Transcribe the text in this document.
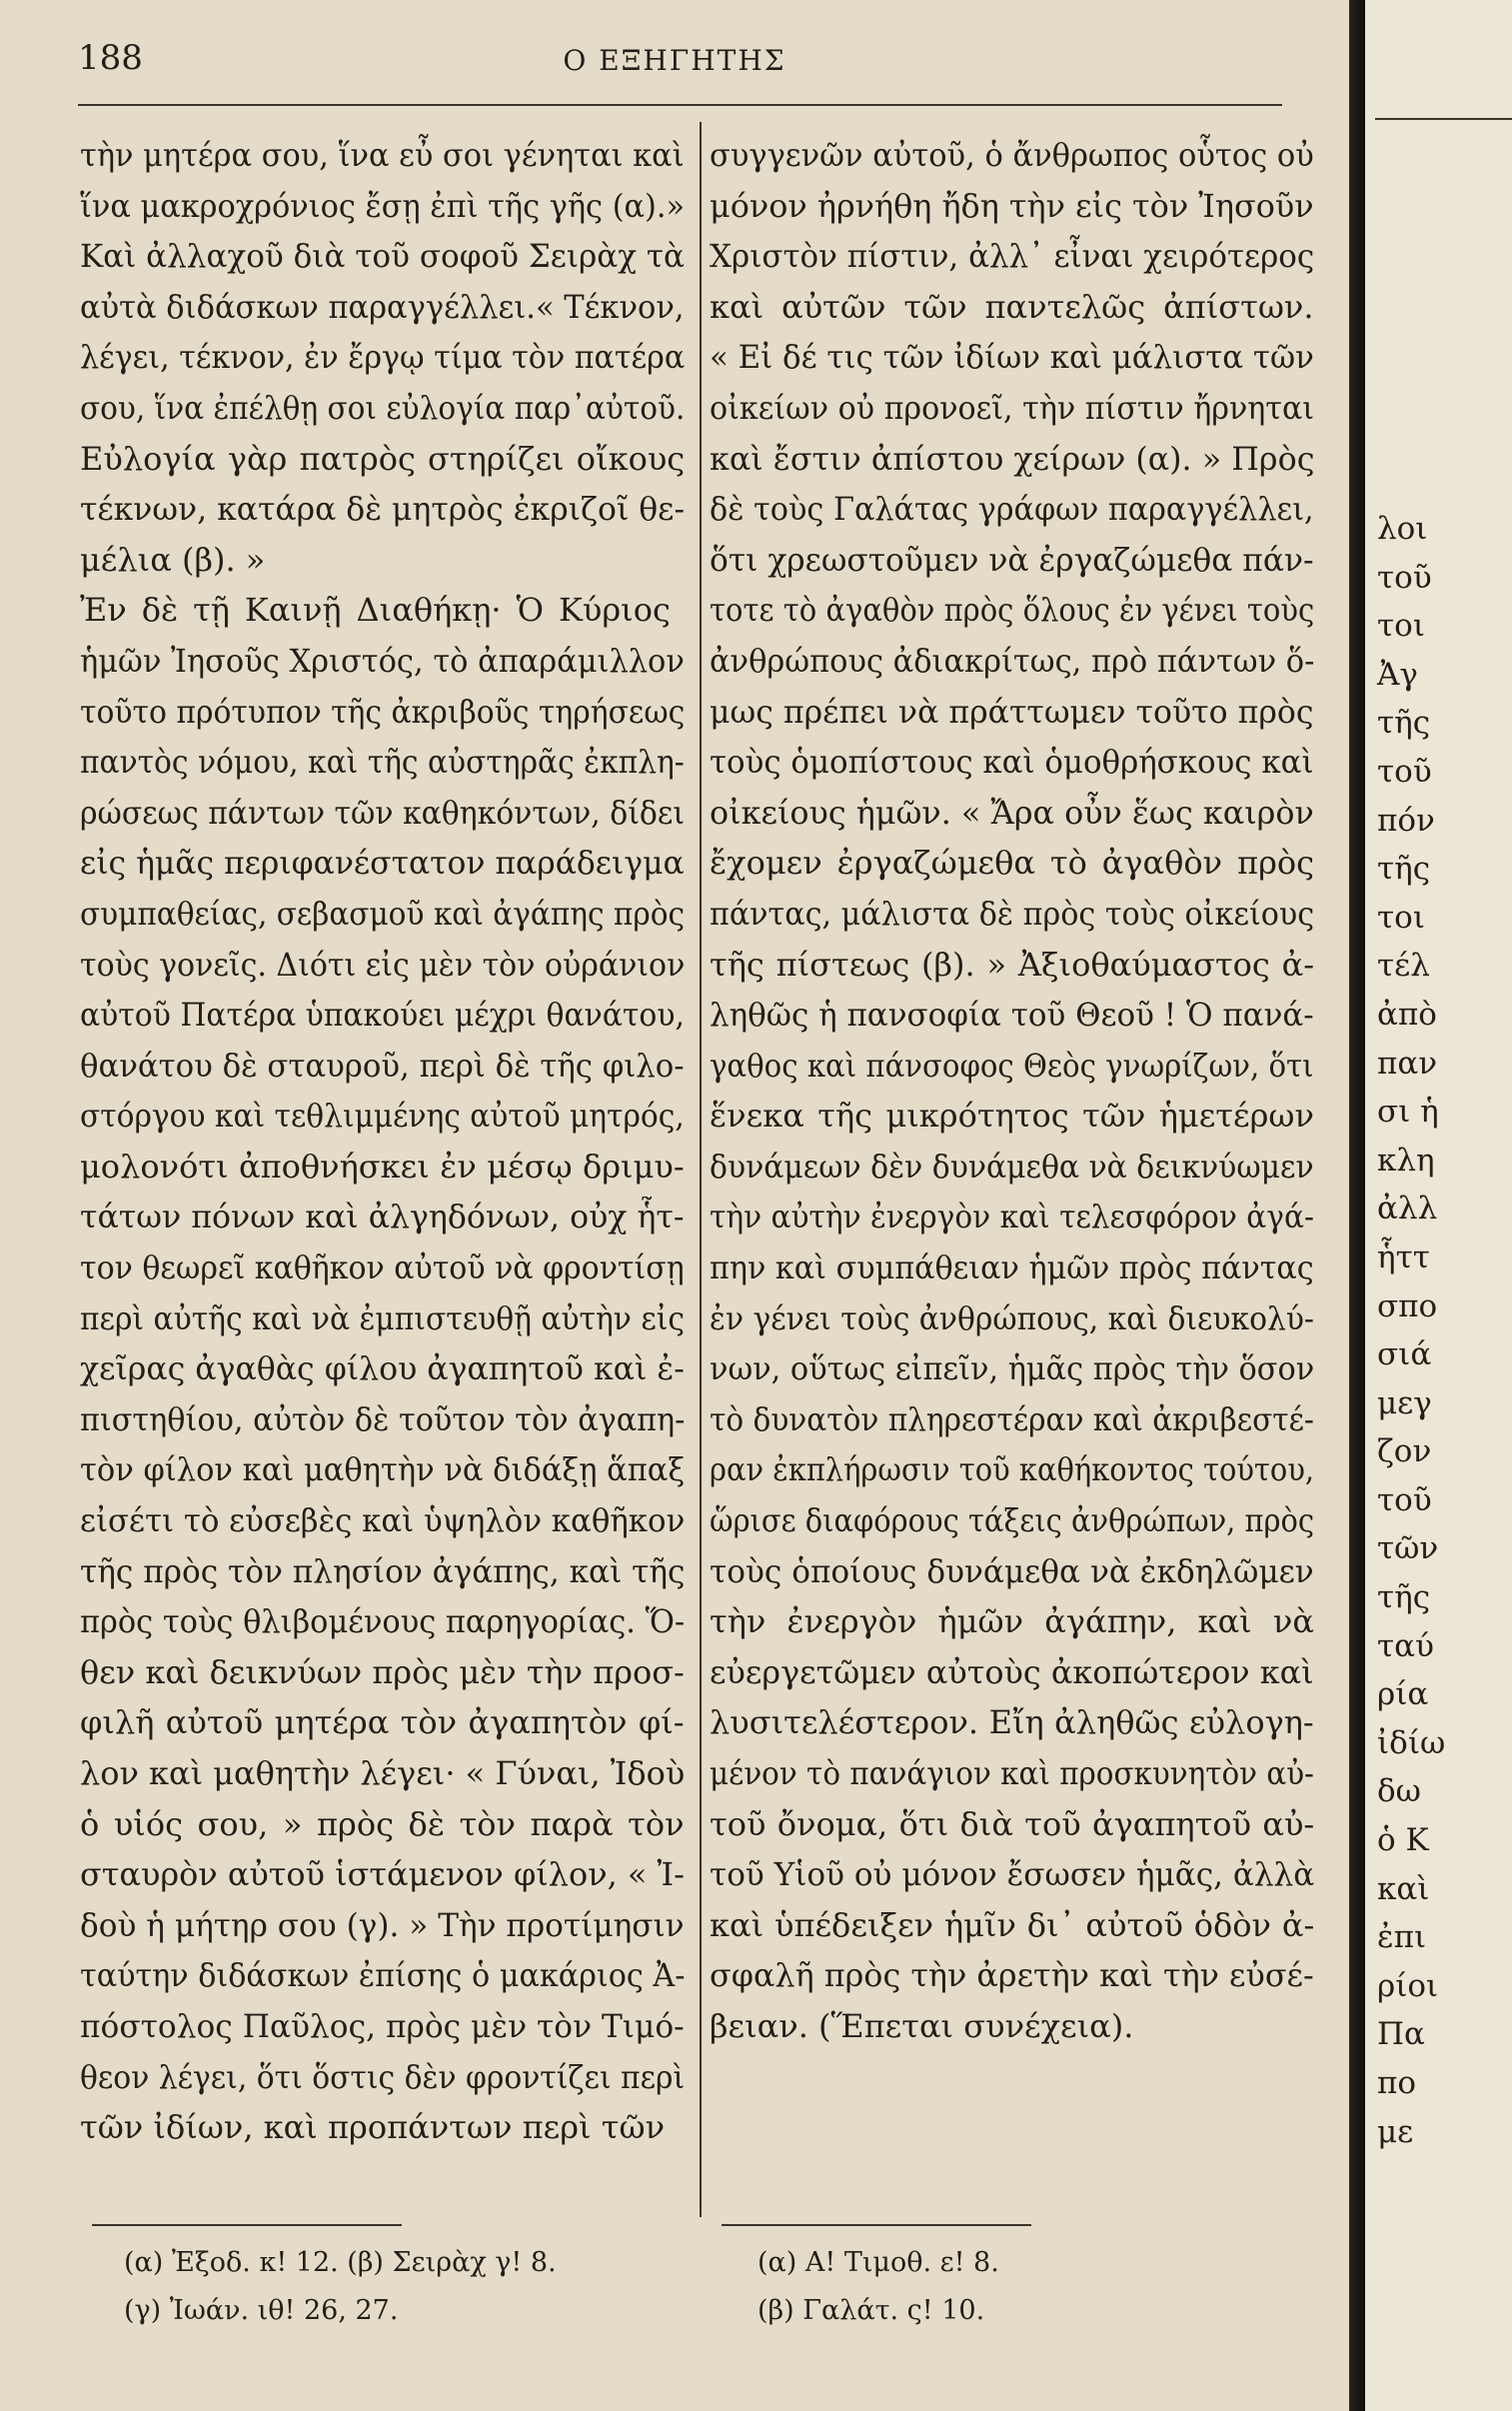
188	Ο ΕΞΗΓΗΤΗΣ
τὴν μητέρα σου, ἵνα εὖ σοι γένηται καὶ
ἵνα μακροχρόνιος ἔσῃ ἐπὶ τῆς γῆς (α).»
Καὶ ἀλλαχοῦ διὰ τοῦ σοφοῦ Σειρὰχ τὰ
αὐτὰ διδάσκων παραγγέλλει.« Τέκνον,
λέγει, τέκνον, ἐν ἔργῳ τίμα τὸν πατέρα
σου, ἵνα ἐπέλθῃ σοι εὐλογία παρ᾽αὐτοῦ.
Εὐλογία γὰρ πατρὸς στηρίζει οἴκους
τέκνων, κατάρα δὲ μητρὸς ἐκριζοῖ θε-
μέλια (β). »
Ἐν δὲ τῇ Καινῇ Διαθήκῃ· Ὁ Κύριος
ἡμῶν Ἰησοῦς Χριστός, τὸ ἀπαράμιλλον
τοῦτο πρότυπον τῆς ἀκριβοῦς τηρήσεως
παντὸς νόμου, καὶ τῆς αὐστηρᾶς ἐκπλη-
ρώσεως πάντων τῶν καθηκόντων, δίδει
εἰς ἡμᾶς περιφανέστατον παράδειγμα
συμπαθείας, σεβασμοῦ καὶ ἀγάπης πρὸς
τοὺς γονεῖς. Διότι εἰς μὲν τὸν οὐράνιον
αὐτοῦ Πατέρα ὑπακούει μέχρι θανάτου,
θανάτου δὲ σταυροῦ, περὶ δὲ τῆς φιλο-
στόργου καὶ τεθλιμμένης αὐτοῦ μητρός,
μολονότι ἀποθνήσκει ἐν μέσῳ δριμυ-
τάτων πόνων καὶ ἀλγηδόνων, οὐχ ἧτ-
τον θεωρεῖ καθῆκον αὐτοῦ νὰ φροντίσῃ
περὶ αὐτῆς καὶ νὰ ἐμπιστευθῇ αὐτὴν εἰς
χεῖρας ἀγαθὰς φίλου ἀγαπητοῦ καὶ ἐ-
πιστηθίου, αὐτὸν δὲ τοῦτον τὸν ἀγαπη-
τὸν φίλον καὶ μαθητὴν νὰ διδάξῃ ἅπαξ
εἰσέτι τὸ εὐσεβὲς καὶ ὑψηλὸν καθῆκον
τῆς πρὸς τὸν πλησίον ἀγάπης, καὶ τῆς
πρὸς τοὺς θλιβομένους παρηγορίας. Ὅ-
θεν καὶ δεικνύων πρὸς μὲν τὴν προσ-
φιλῆ αὐτοῦ μητέρα τὸν ἀγαπητὸν φί-
λον καὶ μαθητὴν λέγει· « Γύναι, Ἰδοὺ
ὁ υἱός σου, » πρὸς δὲ τὸν παρὰ τὸν
σταυρὸν αὐτοῦ ἱστάμενον φίλον, « Ἰ-
δοὺ ἡ μήτηρ σου (γ). » Τὴν προτίμησιν
ταύτην διδάσκων ἐπίσης ὁ μακάριος Ἀ-
πόστολος Παῦλος, πρὸς μὲν τὸν Τιμό-
θεον λέγει, ὅτι ὅστις δὲν φροντίζει περὶ
τῶν ἰδίων, καὶ προπάντων περὶ τῶν
συγγενῶν αὐτοῦ, ὁ ἄνθρωπος οὗτος οὐ
μόνον ἠρνήθη ἤδη τὴν εἰς τὸν Ἰησοῦν
Χριστὸν πίστιν, ἀλλ᾽ εἶναι χειρότερος
καὶ αὐτῶν τῶν παντελῶς ἀπίστων.
« Εἰ δέ τις τῶν ἰδίων καὶ μάλιστα τῶν
οἰκείων οὐ προνοεῖ, τὴν πίστιν ἤρνηται
καὶ ἔστιν ἀπίστου χείρων (α). » Πρὸς
δὲ τοὺς Γαλάτας γράφων παραγγέλλει,
ὅτι χρεωστοῦμεν νὰ ἐργαζώμεθα πάν-
τοτε τὸ ἀγαθὸν πρὸς ὅλους ἐν γένει τοὺς
ἀνθρώπους ἀδιακρίτως, πρὸ πάντων ὅ-
μως πρέπει νὰ πράττωμεν τοῦτο πρὸς
τοὺς ὁμοπίστους καὶ ὁμοθρήσκους καὶ
οἰκείους ἡμῶν. « Ἄρα οὖν ἕως καιρὸν
ἔχομεν ἐργαζώμεθα τὸ ἀγαθὸν πρὸς
πάντας, μάλιστα δὲ πρὸς τοὺς οἰκείους
τῆς πίστεως (β). » Ἀξιοθαύμαστος ἀ-
ληθῶς ἡ πανσοφία τοῦ Θεοῦ ! Ὁ πανά-
γαθος καὶ πάνσοφος Θεὸς γνωρίζων, ὅτι
ἕνεκα τῆς μικρότητος τῶν ἡμετέρων
δυνάμεων δὲν δυνάμεθα νὰ δεικνύωμεν
τὴν αὐτὴν ἐνεργὸν καὶ τελεσφόρον ἀγά-
πην καὶ συμπάθειαν ἡμῶν πρὸς πάντας
ἐν γένει τοὺς ἀνθρώπους, καὶ διευκολύ-
νων, οὕτως εἰπεῖν, ἡμᾶς πρὸς τὴν ὅσον
τὸ δυνατὸν πληρεστέραν καὶ ἀκριβεστέ-
ραν ἐκπλήρωσιν τοῦ καθήκοντος τούτου,
ὥρισε διαφόρους τάξεις ἀνθρώπων, πρὸς
τοὺς ὁποίους δυνάμεθα νὰ ἐκδηλῶμεν
τὴν ἐνεργὸν ἡμῶν ἀγάπην, καὶ νὰ
εὐεργετῶμεν αὐτοὺς ἀκοπώτερον καὶ
λυσιτελέστερον. Εἴη ἀληθῶς εὐλογη-
μένον τὸ πανάγιον καὶ προσκυνητὸν αὐ-
τοῦ ὄνομα, ὅτι διὰ τοῦ ἀγαπητοῦ αὐ-
τοῦ Υἱοῦ οὐ μόνον ἔσωσεν ἡμᾶς, ἀλλὰ
καὶ ὑπέδειξεν ἡμῖν δι᾽ αὐτοῦ ὁδὸν ἀ-
σφαλῆ πρὸς τὴν ἀρετὴν καὶ τὴν εὐσέ-
βειαν. (Ἕπεται συνέχεια).
(α) Ἐξοδ. κ! 12. (β) Σειρὰχ γ! 8.
(γ) Ἰωάν. ιθ! 26, 27.
(α) Α! Τιμοθ. ε! 8.
(β) Γαλάτ. ς! 10.
λοι
τοῦ
τοι
Ἀγ
τῆς
τοῦ
πόν
τῆς
τοι
τέλ
ἀπὸ
παν
σι ἡ
κλη
ἀλλ
ἧττ
σπο
σιά
μεγ
ζον
τοῦ
τῶν
τῆς
ταύ
ρία
ἰδίω
δω
ὁ Κ
καὶ
ἐπι
ρίοι
Πα
πο
με
